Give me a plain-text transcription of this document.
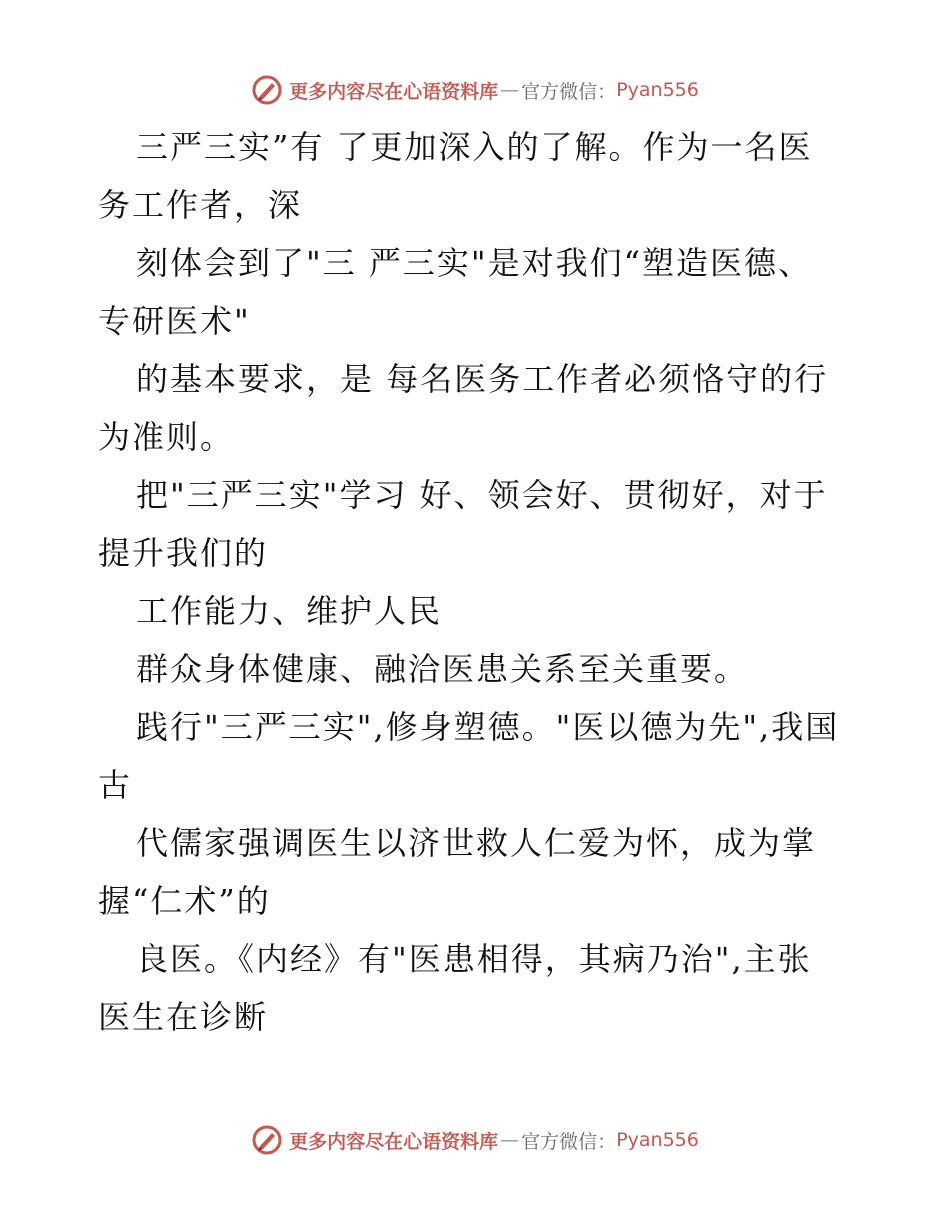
更多内容尽在心语资料库 — 官方微信： Pyan556
三严三实”有 了更加深入的了解。作为一名医
务工作者，深
刻体会到了"三 严三实"是对我们“塑造医德、
专研医术"
的基本要求，是 每名医务工作者必须恪守的行
为准则。
把"三严三实"学习 好、领会好、贯彻好，对于
提升我们的
工作能力、维护人民
群众身体健康、融洽医患关系至关重要。
践行"三严三实",修身塑德。"医以德为先",我国
古
代儒家强调医生以济世救人仁爱为怀，成为掌
握“仁术”的
良医。《内经》有"医患相得，其病乃治",主张
医生在诊断
更多内容尽在心语资料库 — 官方微信： Pyan556
